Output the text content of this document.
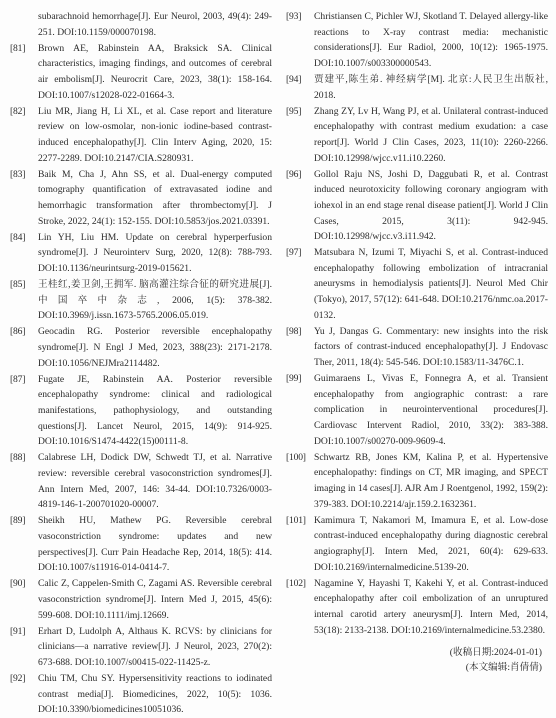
subarachnoid hemorrhage[J]. Eur Neurol, 2003, 49(4): 249-251. DOI:10.1159/000070198.
[81]	Brown AE, Rabinstein AA, Braksick SA. Clinical characteristics, imaging findings, and outcomes of cerebral air embolism[J]. Neurocrit Care, 2023, 38(1): 158-164. DOI:10.1007/s12028-022-01664-3.
[82]	Liu MR, Jiang H, Li XL, et al. Case report and literature review on low-osmolar, non-ionic iodine-based contrast-induced encephalopathy[J]. Clin Interv Aging, 2020, 15: 2277-2289. DOI:10.2147/CIA.S280931.
[83]	Baik M, Cha J, Ahn SS, et al. Dual-energy computed tomography quantification of extravasated iodine and hemorrhagic transformation after thrombectomy[J]. J Stroke, 2022, 24(1): 152-155. DOI:10.5853/jos.2021.03391.
[84]	Lin YH, Liu HM. Update on cerebral hyperperfusion syndrome[J]. J Neurointerv Surg, 2020, 12(8): 788-793. DOI:10.1136/neurintsurg-2019-015621.
[85]	王桂红,姜卫剑,王拥军. 脑高灌注综合征的研究进展[J]. 中国卒中杂志, 2006, 1(5): 378-382. DOI:10.3969/j.issn.1673-5765.2006.05.019.
[86]	Geocadin RG. Posterior reversible encephalopathy syndrome[J]. N Engl J Med, 2023, 388(23): 2171-2178. DOI:10.1056/NEJMra2114482.
[87]	Fugate JE, Rabinstein AA. Posterior reversible encephalopathy syndrome: clinical and radiological manifestations, pathophysiology, and outstanding questions[J]. Lancet Neurol, 2015, 14(9): 914-925. DOI:10.1016/S1474-4422(15)00111-8.
[88]	Calabrese LH, Dodick DW, Schwedt TJ, et al. Narrative review: reversible cerebral vasoconstriction syndromes[J]. Ann Intern Med, 2007, 146: 34-44. DOI:10.7326/0003-4819-146-1-200701020-00007.
[89]	Sheikh HU, Mathew PG. Reversible cerebral vasoconstriction syndrome: updates and new perspectives[J]. Curr Pain Headache Rep, 2014, 18(5): 414. DOI:10.1007/s11916-014-0414-7.
[90]	Calic Z, Cappelen-Smith C, Zagami AS. Reversible cerebral vasoconstriction syndrome[J]. Intern Med J, 2015, 45(6): 599-608. DOI:10.1111/imj.12669.
[91]	Erhart D, Ludolph A, Althaus K. RCVS: by clinicians for clinicians—a narrative review[J]. J Neurol, 2023, 270(2): 673-688. DOI:10.1007/s00415-022-11425-z.
[92]	Chiu TM, Chu SY. Hypersensitivity reactions to iodinated contrast media[J]. Biomedicines, 2022, 10(5): 1036. DOI:10.3390/biomedicines10051036.
[93]	Christiansen C, Pichler WJ, Skotland T. Delayed allergy-like reactions to X-ray contrast media: mechanistic considerations[J]. Eur Radiol, 2000, 10(12): 1965-1975. DOI:10.1007/s003300000543.
[94]	贾建平,陈生弟. 神经病学[M]. 北京:人民卫生出版社, 2018.
[95]	Zhang ZY, Lv H, Wang PJ, et al. Unilateral contrast-induced encephalopathy with contrast medium exudation: a case report[J]. World J Clin Cases, 2023, 11(10): 2260-2266. DOI:10.12998/wjcc.v11.i10.2260.
[96]	Gollol Raju NS, Joshi D, Daggubati R, et al. Contrast induced neurotoxicity following coronary angiogram with iohexol in an end stage renal disease patient[J]. World J Clin Cases, 2015, 3(11): 942-945. DOI:10.12998/wjcc.v3.i11.942.
[97]	Matsubara N, Izumi T, Miyachi S, et al. Contrast-induced encephalopathy following embolization of intracranial aneurysms in hemodialysis patients[J]. Neurol Med Chir (Tokyo), 2017, 57(12): 641-648. DOI:10.2176/nmc.oa.2017-0132.
[98]	Yu J, Dangas G. Commentary: new insights into the risk factors of contrast-induced encephalopathy[J]. J Endovasc Ther, 2011, 18(4): 545-546. DOI:10.1583/11-3476C.1.
[99]	Guimaraens L, Vivas E, Fonnegra A, et al. Transient encephalopathy from angiographic contrast: a rare complication in neurointerventional procedures[J]. Cardiovasc Intervent Radiol, 2010, 33(2): 383-388. DOI:10.1007/s00270-009-9609-4.
[100] Schwartz RB, Jones KM, Kalina P, et al. Hypertensive encephalopathy: findings on CT, MR imaging, and SPECT imaging in 14 cases[J]. AJR Am J Roentgenol, 1992, 159(2): 379-383. DOI:10.2214/ajr.159.2.1632361.
[101] Kamimura T, Nakamori M, Imamura E, et al. Low-dose contrast-induced encephalopathy during diagnostic cerebral angiography[J]. Intern Med, 2021, 60(4): 629-633. DOI:10.2169/internalmedicine.5139-20.
[102] Nagamine Y, Hayashi T, Kakehi Y, et al. Contrast-induced encephalopathy after coil embolization of an unruptured internal carotid artery aneurysm[J]. Intern Med, 2014, 53(18): 2133-2138. DOI:10.2169/internalmedicine.53.2380.
(收稿日期:2024-01-01)
(本文编辑:肖倩倩)
